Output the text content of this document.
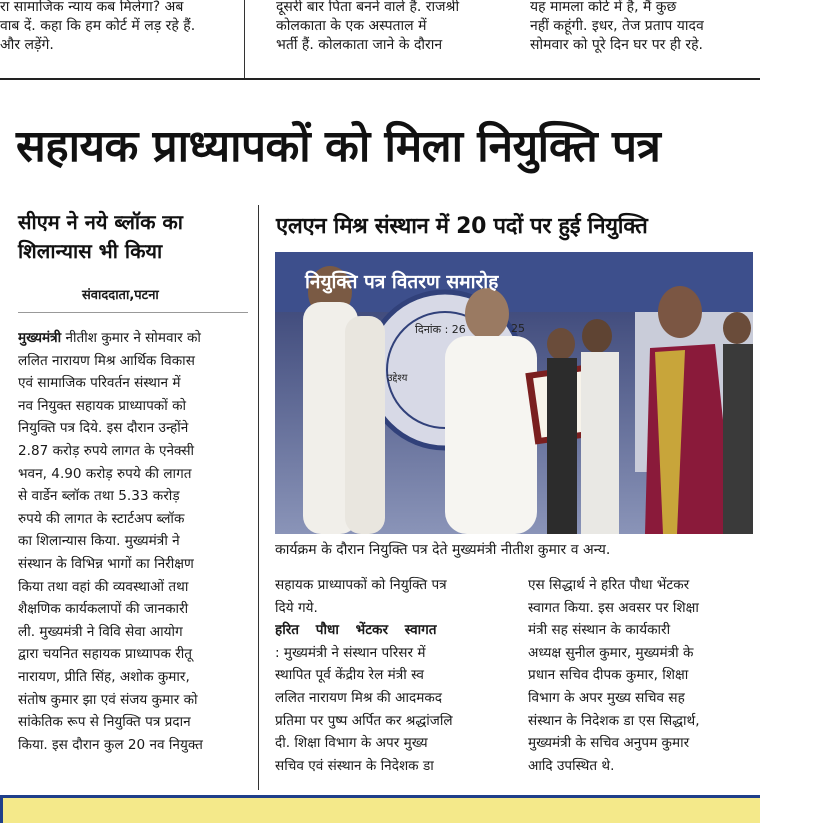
रा सामाजिक न्याय कब मिलेगा? अब
वाब दें. कहा कि हम कोर्ट में लड़ रहे हैं.
और लड़ेंगे.
दूसरी बार पिता बनने वाले हैं. राजश्री
कोलकाता के एक अस्पताल में
भर्ती हैं. कोलकाता जाने के दौरान
यह मामला कोर्ट में है, मैं कुछ
नहीं कहूंगी. इधर, तेज प्रताप यादव
सोमवार को पूरे दिन घर पर ही रहे.
सहायक प्राध्यापकों को मिला नियुक्ति पत्र
सीएम ने नये ब्लॉक का
शिलान्यास भी किया
संवाददाता,पटना
मुख्यमंत्री नीतीश कुमार ने सोमवार को
ललित नारायण मिश्र आर्थिक विकास
एवं सामाजिक परिवर्तन संस्थान में
नव नियुक्त सहायक प्राध्यापकों को
नियुक्ति पत्र दिये. इस दौरान उन्होंने
2.87 करोड़ रुपये लागत के एनेक्सी
भवन, 4.90 करोड़ रुपये की लागत
से वार्डेन ब्लॉक तथा 5.33 करोड़
रुपये की लागत के स्टार्टअप ब्लॉक
का शिलान्यास किया. मुख्यमंत्री ने
संस्थान के विभिन्न भागों का निरीक्षण
किया तथा वहां की व्यवस्थाओं तथा
शैक्षणिक कार्यकलापों की जानकारी
ली. मुख्यमंत्री ने विवि सेवा आयोग
द्वारा चयनित सहायक प्राध्यापक रीतू
नारायण, प्रीति सिंह, अशोक कुमार,
संतोष कुमार झा एवं संजय कुमार को
सांकेतिक रूप से नियुक्ति पत्र प्रदान
किया. इस दौरान कुल 20 नव नियुक्त
एलएन मिश्र संस्थान में 20 पदों पर हुई नियुक्ति
नियुक्ति पत्र वितरण समारोह
दिनांक : 26	25
उद्देश्य
कार्यक्रम के दौरान नियुक्ति पत्र देते मुख्यमंत्री नीतीश कुमार व अन्य.
सहायक प्राध्यापकों को नियुक्ति पत्र
दिये गये.
हरित पौधा भेंटकर स्वागत
: मुख्यमंत्री ने संस्थान परिसर में
स्थापित पूर्व केंद्रीय रेल मंत्री स्व
ललित नारायण मिश्र की आदमकद
प्रतिमा पर पुष्प अर्पित कर श्रद्धांजलि
दी. शिक्षा विभाग के अपर मुख्य
सचिव एवं संस्थान के निदेशक डा
एस सिद्धार्थ ने हरित पौधा भेंटकर
स्वागत किया. इस अवसर पर शिक्षा
मंत्री सह संस्थान के कार्यकारी
अध्यक्ष सुनील कुमार, मुख्यमंत्री के
प्रधान सचिव दीपक कुमार, शिक्षा
विभाग के अपर मुख्य सचिव सह
संस्थान के निदेशक डा एस सिद्धार्थ,
मुख्यमंत्री के सचिव अनुपम कुमार
आदि उपस्थित थे.
